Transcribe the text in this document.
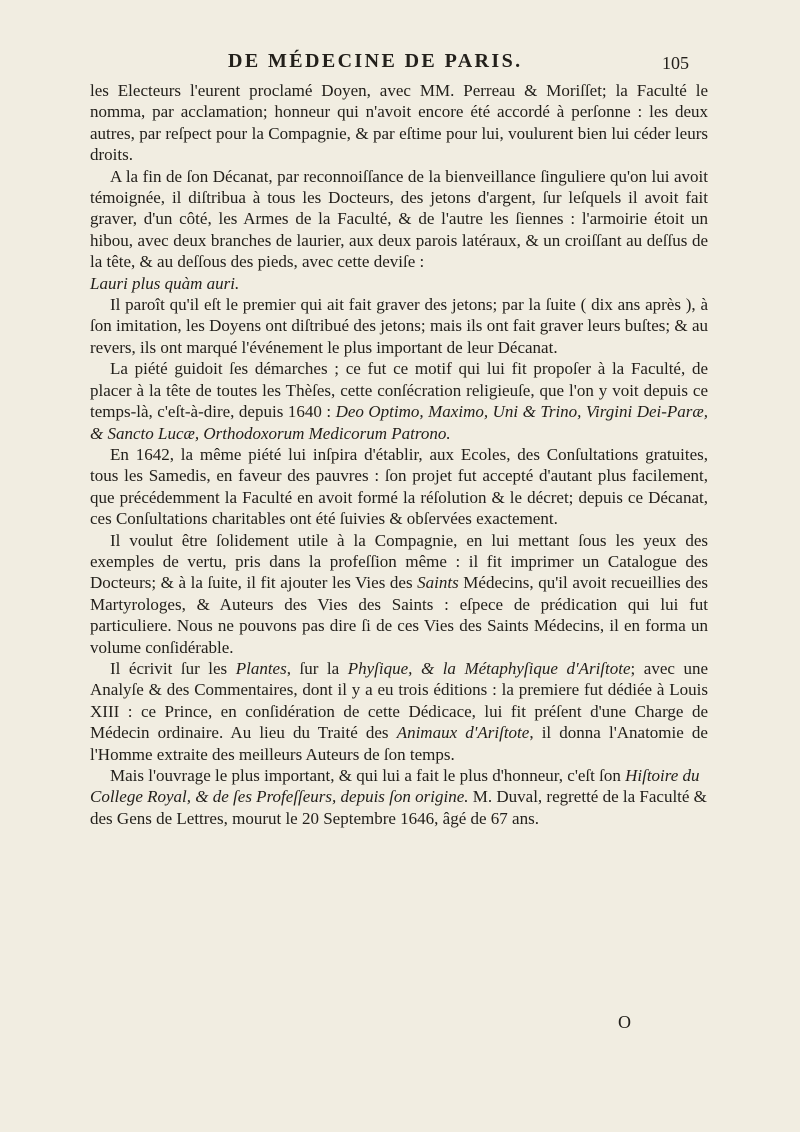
DE MÉDECINE DE PARIS.	105

les Electeurs l'eurent proclamé Doyen, avec MM. Perreau & Moriſſet; la Faculté le nomma, par acclamation; honneur qui n'avoit encore été accordé à perſonne : les deux autres, par reſpect pour la Compagnie, & par eſtime pour lui, voulurent bien lui céder leurs droits.

A la fin de ſon Décanat, par reconnoiſſance de la bienveillance ſinguliere qu'on lui avoit témoignée, il diſtribua à tous les Docteurs, des jetons d'argent, ſur leſquels il avoit fait graver, d'un côté, les Armes de la Faculté, & de l'autre les ſiennes : l'armoirie étoit un hibou, avec deux branches de laurier, aux deux parois latéraux, & un croiſſant au deſſus de la tête, & au deſſous des pieds, avec cette deviſe :

Lauri plus quàm auri.

Il paroît qu'il eſt le premier qui ait fait graver des jetons; par la ſuite ( dix ans après ), à ſon imitation, les Doyens ont diſtribué des jetons; mais ils ont fait graver leurs buſtes; & au revers, ils ont marqué l'événement le plus important de leur Décanat.

La piété guidoit ſes démarches ; ce fut ce motif qui lui fit propoſer à la Faculté, de placer à la tête de toutes les Thèſes, cette conſécration religieuſe, que l'on y voit depuis ce temps-là, c'eſt-à-dire, depuis 1640 : Deo Optimo, Maximo, Uni & Trino, Virgini Dei-Paræ, & Sancto Lucæ, Orthodoxorum Medicorum Patrono.

En 1642, la même piété lui inſpira d'établir, aux Ecoles, des Conſultations gratuites, tous les Samedis, en faveur des pauvres : ſon projet fut accepté d'autant plus facilement, que précédemment la Faculté en avoit formé la réſolution & le décret; depuis ce Décanat, ces Conſultations charitables ont été ſuivies & obſervées exactement.

Il voulut être ſolidement utile à la Compagnie, en lui mettant ſous les yeux des exemples de vertu, pris dans la profeſſion même : il fit imprimer un Catalogue des Docteurs; & à la ſuite, il fit ajouter les Vies des Saints Médecins, qu'il avoit recueillies des Martyrologes, & Auteurs des Vies des Saints : eſpece de prédication qui lui fut particuliere. Nous ne pouvons pas dire ſi de ces Vies des Saints Médecins, il en forma un volume conſidérable.

Il écrivit ſur les Plantes, ſur la Phyſique, & la Métaphyſique d'Ariſtote; avec une Analyſe & des Commentaires, dont il y a eu trois éditions : la premiere fut dédiée à Louis XIII : ce Prince, en conſidération de cette Dédicace, lui fit préſent d'une Charge de Médecin ordinaire. Au lieu du Traité des Animaux d'Ariſtote, il donna l'Anatomie de l'Homme extraite des meilleurs Auteurs de ſon temps.

Mais l'ouvrage le plus important, & qui lui a fait le plus d'honneur, c'eſt ſon Hiſtoire du College Royal, & de ſes Profeſſeurs, depuis ſon origine. M. Duval, regretté de la Faculté & des Gens de Lettres, mourut le 20 Septembre 1646, âgé de 67 ans.

O
